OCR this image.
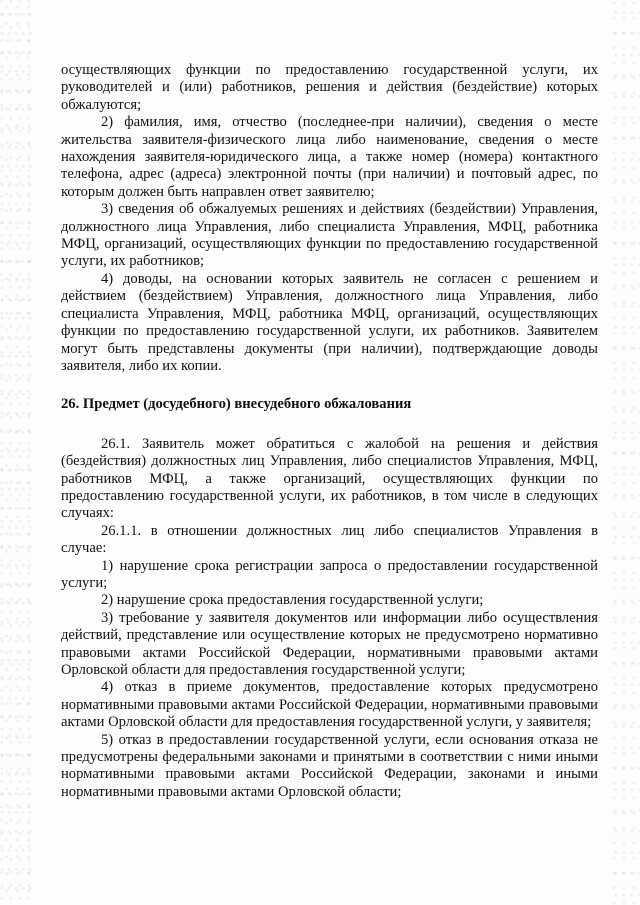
осуществляющих функции по предоставлению государственной услуги, их руководителей и (или) работников, решения и действия (бездействие) которых обжалуются;

2) фамилия, имя, отчество (последнее-при наличии), сведения о месте жительства заявителя-физического лица либо наименование, сведения о месте нахождения заявителя-юридического лица, а также номер (номера) контактного телефона, адрес (адреса) электронной почты (при наличии) и почтовый адрес, по которым должен быть направлен ответ заявителю;

3) сведения об обжалуемых решениях и действиях (бездействии) Управления, должностного лица Управления, либо специалиста Управления, МФЦ, работника МФЦ, организаций, осуществляющих функции по предоставлению государственной услуги, их работников;

4) доводы, на основании которых заявитель не согласен с решением и действием (бездействием) Управления, должностного лица Управления, либо специалиста Управления, МФЦ, работника МФЦ, организаций, осуществляющих функции по предоставлению государственной услуги, их работников. Заявителем могут быть представлены документы (при наличии), подтверждающие доводы заявителя, либо их копии.

26. Предмет (досудебного) внесудебного обжалования

26.1. Заявитель может обратиться с жалобой на решения и действия (бездействия) должностных лиц Управления, либо специалистов Управления, МФЦ, работников МФЦ, а также организаций, осуществляющих функции по предоставлению государственной услуги, их работников, в том числе в следующих случаях:

26.1.1. в отношении должностных лиц либо специалистов Управления в случае:

1) нарушение срока регистрации запроса о предоставлении государственной услуги;

2) нарушение срока предоставления государственной услуги;

3) требование у заявителя документов или информации либо осуществления действий, представление или осуществление которых не предусмотрено нормативно правовыми актами Российской Федерации, нормативными правовыми актами Орловской области для предоставления государственной услуги;

4) отказ в приеме документов, предоставление которых предусмотрено нормативными правовыми актами Российской Федерации, нормативными правовыми актами Орловской области для предоставления государственной услуги, у заявителя;

5) отказ в предоставлении государственной услуги, если основания отказа не предусмотрены федеральными законами и принятыми в соответствии с ними иными нормативными правовыми актами Российской Федерации, законами и иными нормативными правовыми актами Орловской области;
